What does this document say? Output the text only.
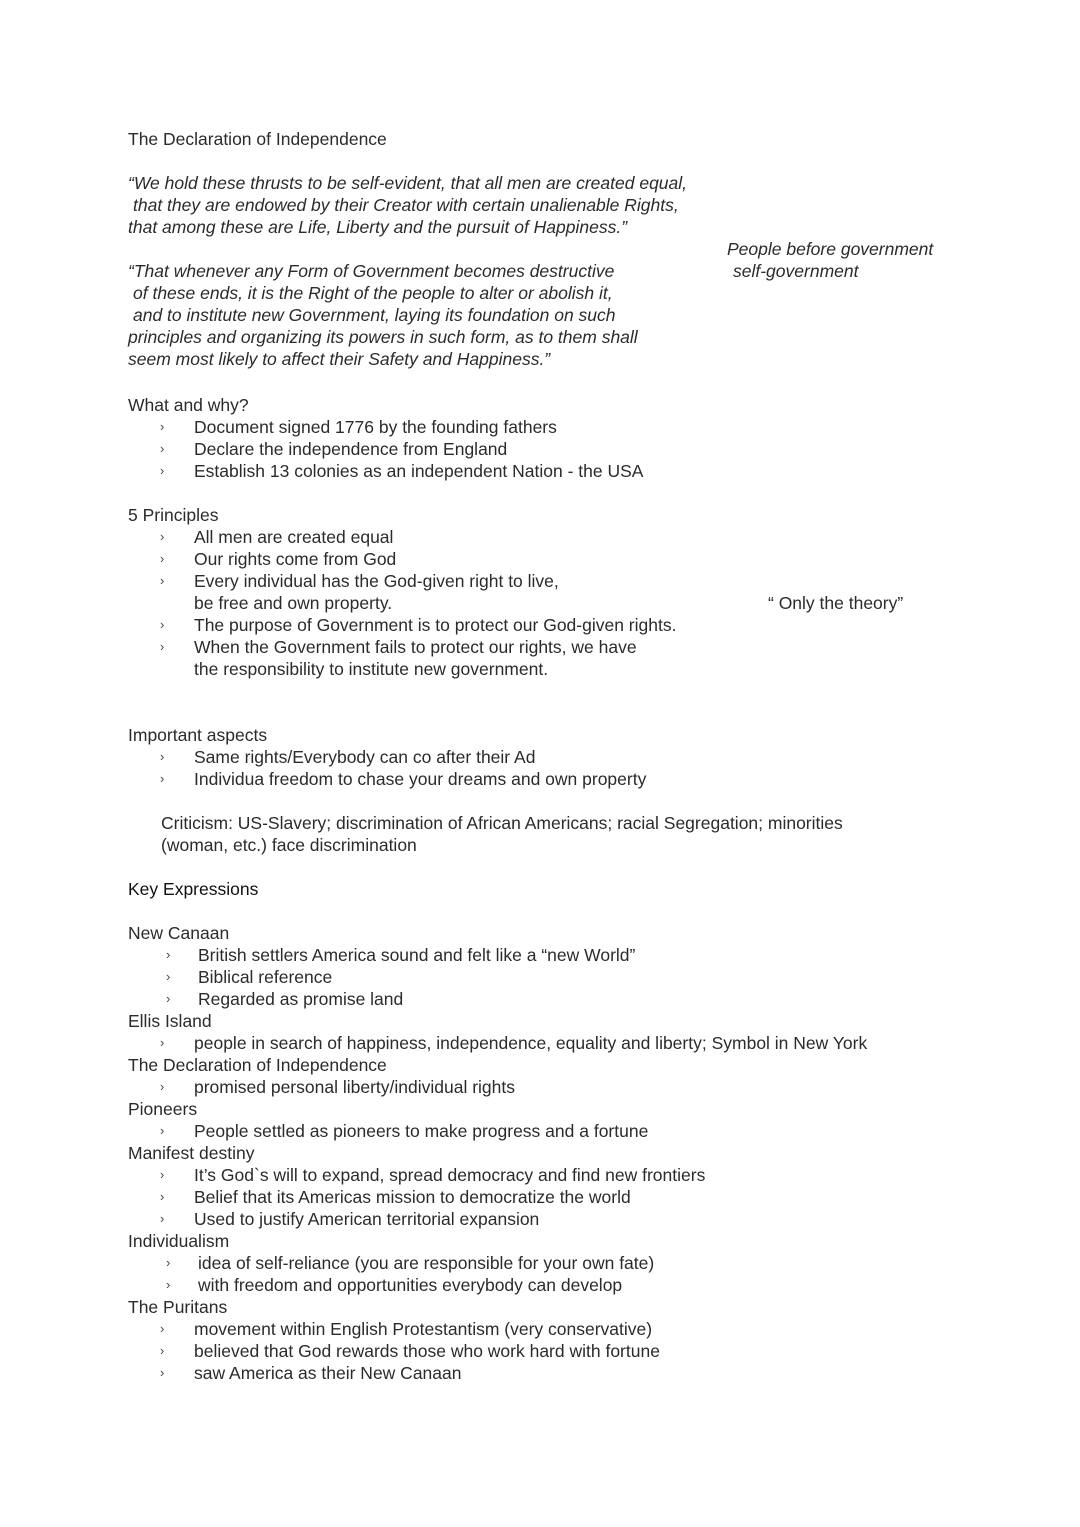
The Declaration of Independence

“We hold these thrusts to be self-evident, that all men are created equal,

that they are endowed by their Creator with certain unalienable Rights,

that among these are Life, Liberty and the pursuit of Happiness.”

People before government

self-government

“That whenever any Form of Government becomes destructive

of these ends, it is the Right of the people to alter or abolish it,

and to institute new Government, laying its foundation on such

principles and organizing its powers in such form, as to them shall

seem most likely to affect their Safety and Happiness.”

What and why?

› Document signed 1776 by the founding fathers

› Declare the independence from England

› Establish 13 colonies as an independent Nation - the USA

5 Principles

› All men are created equal

› Our rights come from God

› Every individual has the God-given right to live,

be free and own property.

› The purpose of Government is to protect our God-given rights.

› When the Government fails to protect our rights, we have

the responsibility to institute new government.

“ Only the theory”

Important aspects

› Same rights/Everybody can co after their Ad

› Individua freedom to chase your dreams and own property

Criticism: US-Slavery; discrimination of African Americans; racial Segregation; minorities

(woman, etc.) face discrimination

Key Expressions

New Canaan

› British settlers America sound and felt like a “new World”

› Biblical reference

› Regarded as promise land

Ellis Island

› people in search of happiness, independence, equality and liberty; Symbol in New York

The Declaration of Independence

› promised personal liberty/individual rights

Pioneers

› People settled as pioneers to make progress and a fortune

Manifest destiny

› It’s God`s will to expand, spread democracy and find new frontiers

› Belief that its Americas mission to democratize the world

› Used to justify American territorial expansion

Individualism

› idea of self-reliance (you are responsible for your own fate)

› with freedom and opportunities everybody can develop

The Puritans

› movement within English Protestantism (very conservative)

› believed that God rewards those who work hard with fortune

› saw America as their New Canaan
